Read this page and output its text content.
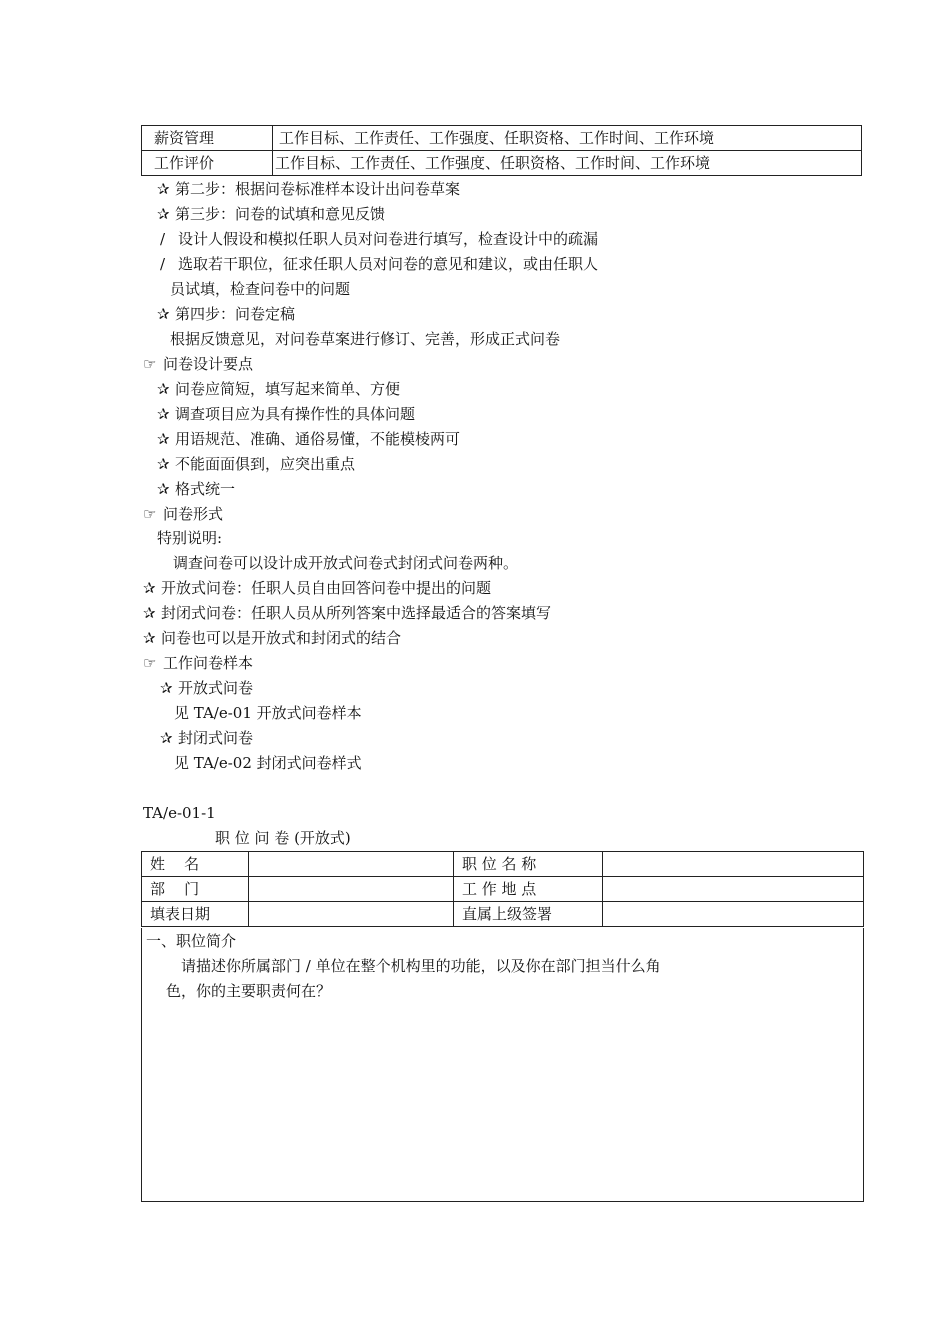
薪资管理	工作目标、工作责任、工作强度、任职资格、工作时间、工作环境
工作评价	工作目标、工作责任、工作强度、任职资格、工作时间、工作环境
✰ 第二步：根据问卷标准样本设计出问卷草案
✰ 第三步：问卷的试填和意见反馈
/ 设计人假设和模拟任职人员对问卷进行填写，检查设计中的疏漏
/ 选取若干职位，征求任职人员对问卷的意见和建议，或由任职人
员试填，检查问卷中的问题
✰ 第四步：问卷定稿
根据反馈意见，对问卷草案进行修订、完善，形成正式问卷
☞ 问卷设计要点
✰ 问卷应简短，填写起来简单、方便
✰ 调查项目应为具有操作性的具体问题
✰ 用语规范、准确、通俗易懂，不能模棱两可
✰ 不能面面俱到，应突出重点
✰ 格式统一
☞ 问卷形式
特别说明:
调查问卷可以设计成开放式问卷式封闭式问卷两种。
✰ 开放式问卷：任职人员自由回答问卷中提出的问题
✰ 封闭式问卷：任职人员从所列答案中选择最适合的答案填写
✰ 问卷也可以是开放式和封闭式的结合
☞ 工作问卷样本
✰ 开放式问卷
见 TA/e-01 开放式问卷样本
✰ 封闭式问卷
见 TA/e-02 封闭式问卷样式
TA/e-01-1
职 位 问 卷 (开放式)
姓    名		职 位 名 称	
部    门		工 作 地 点	
填表日期		直属上级签署	
一、职位简介
请描述你所属部门 / 单位在整个机构里的功能，以及你在部门担当什么角
色，你的主要职责何在？
